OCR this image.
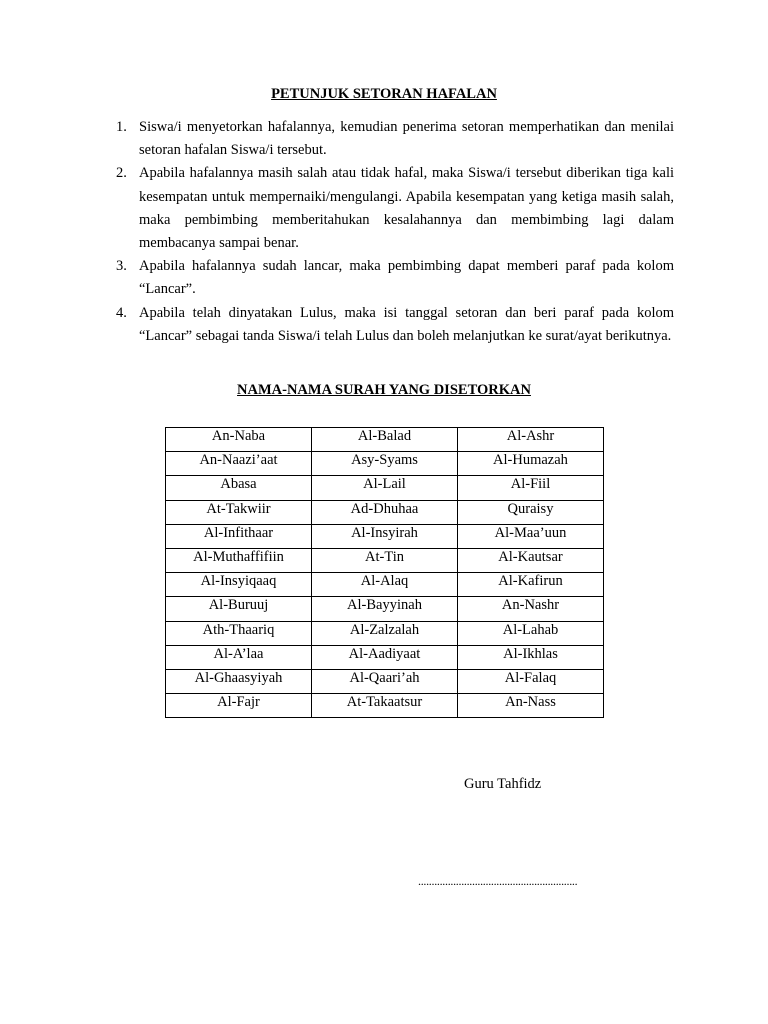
PETUNJUK SETORAN HAFALAN

1. Siswa/i menyetorkan hafalannya, kemudian penerima setoran memperhatikan dan menilai setoran hafalan Siswa/i tersebut.
2. Apabila hafalannya masih salah atau tidak hafal, maka Siswa/i tersebut diberikan tiga kali kesempatan untuk mempernaiki/mengulangi. Apabila kesempatan yang ketiga masih salah, maka pembimbing memberitahukan kesalahannya dan membimbing lagi dalam membacanya sampai benar.
3. Apabila hafalannya sudah lancar, maka pembimbing dapat memberi paraf pada kolom “Lancar”.
4. Apabila telah dinyatakan Lulus, maka isi tanggal setoran dan beri paraf pada kolom “Lancar” sebagai tanda Siswa/i telah Lulus dan boleh melanjutkan ke surat/ayat berikutnya.

NAMA-NAMA SURAH YANG DISETORKAN

An-Naba	Al-Balad	Al-Ashr
An-Naazi’aat	Asy-Syams	Al-Humazah
Abasa	Al-Lail	Al-Fiil
At-Takwiir	Ad-Dhuhaa	Quraisy
Al-Infithaar	Al-Insyirah	Al-Maa’uun
Al-Muthaffifiin	At-Tin	Al-Kautsar
Al-Insyiqaaq	Al-Alaq	Al-Kafirun
Al-Buruuj	Al-Bayyinah	An-Nashr
Ath-Thaariq	Al-Zalzalah	Al-Lahab
Al-A’laa	Al-Aadiyaat	Al-Ikhlas
Al-Ghaasyiyah	Al-Qaari’ah	Al-Falaq
Al-Fajr	At-Takaatsur	An-Nass

Guru Tahfidz

...........................................................
